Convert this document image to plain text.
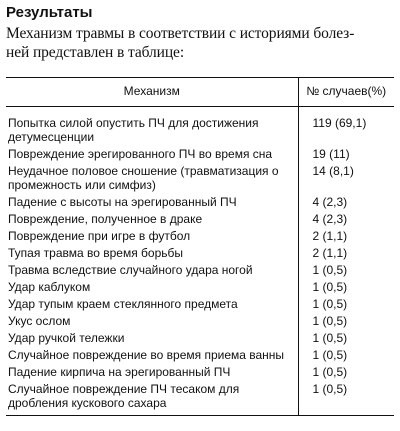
Результаты
Механизм травмы в соответствии с историями болез-
ней представлен в таблице:
Механизм	№ случаев(%)

Попытка силой опустить ПЧ для достижения детумесценции	119 (69,1)
Повреждение эрегированного ПЧ во время сна	19 (11)

Неудачное половое сношение (травматизация о промежность или симфиз)	14 (8,1)
Падение с высоты на эрегированный ПЧ	4 (2,3)
Повреждение, полученное в драке	4 (2,3)
Повреждение при игре в футбол	2 (1,1)
Тупая травма во время борьбы	2 (1,1)
Травма вследствие случайного удара ногой	1 (0,5)
Удар каблуком	1 (0,5)
Удар тупым краем стеклянного предмета	1 (0,5)
Укус ослом	1 (0,5)
Удар ручкой тележки	1 (0,5)
Случайное повреждение во время приема ванны	1 (0,5)
Падение кирпича на эрегированный ПЧ	1 (0,5)

Случайное повреждение ПЧ тесаком для дробления кускового сахара	1 (0,5)
